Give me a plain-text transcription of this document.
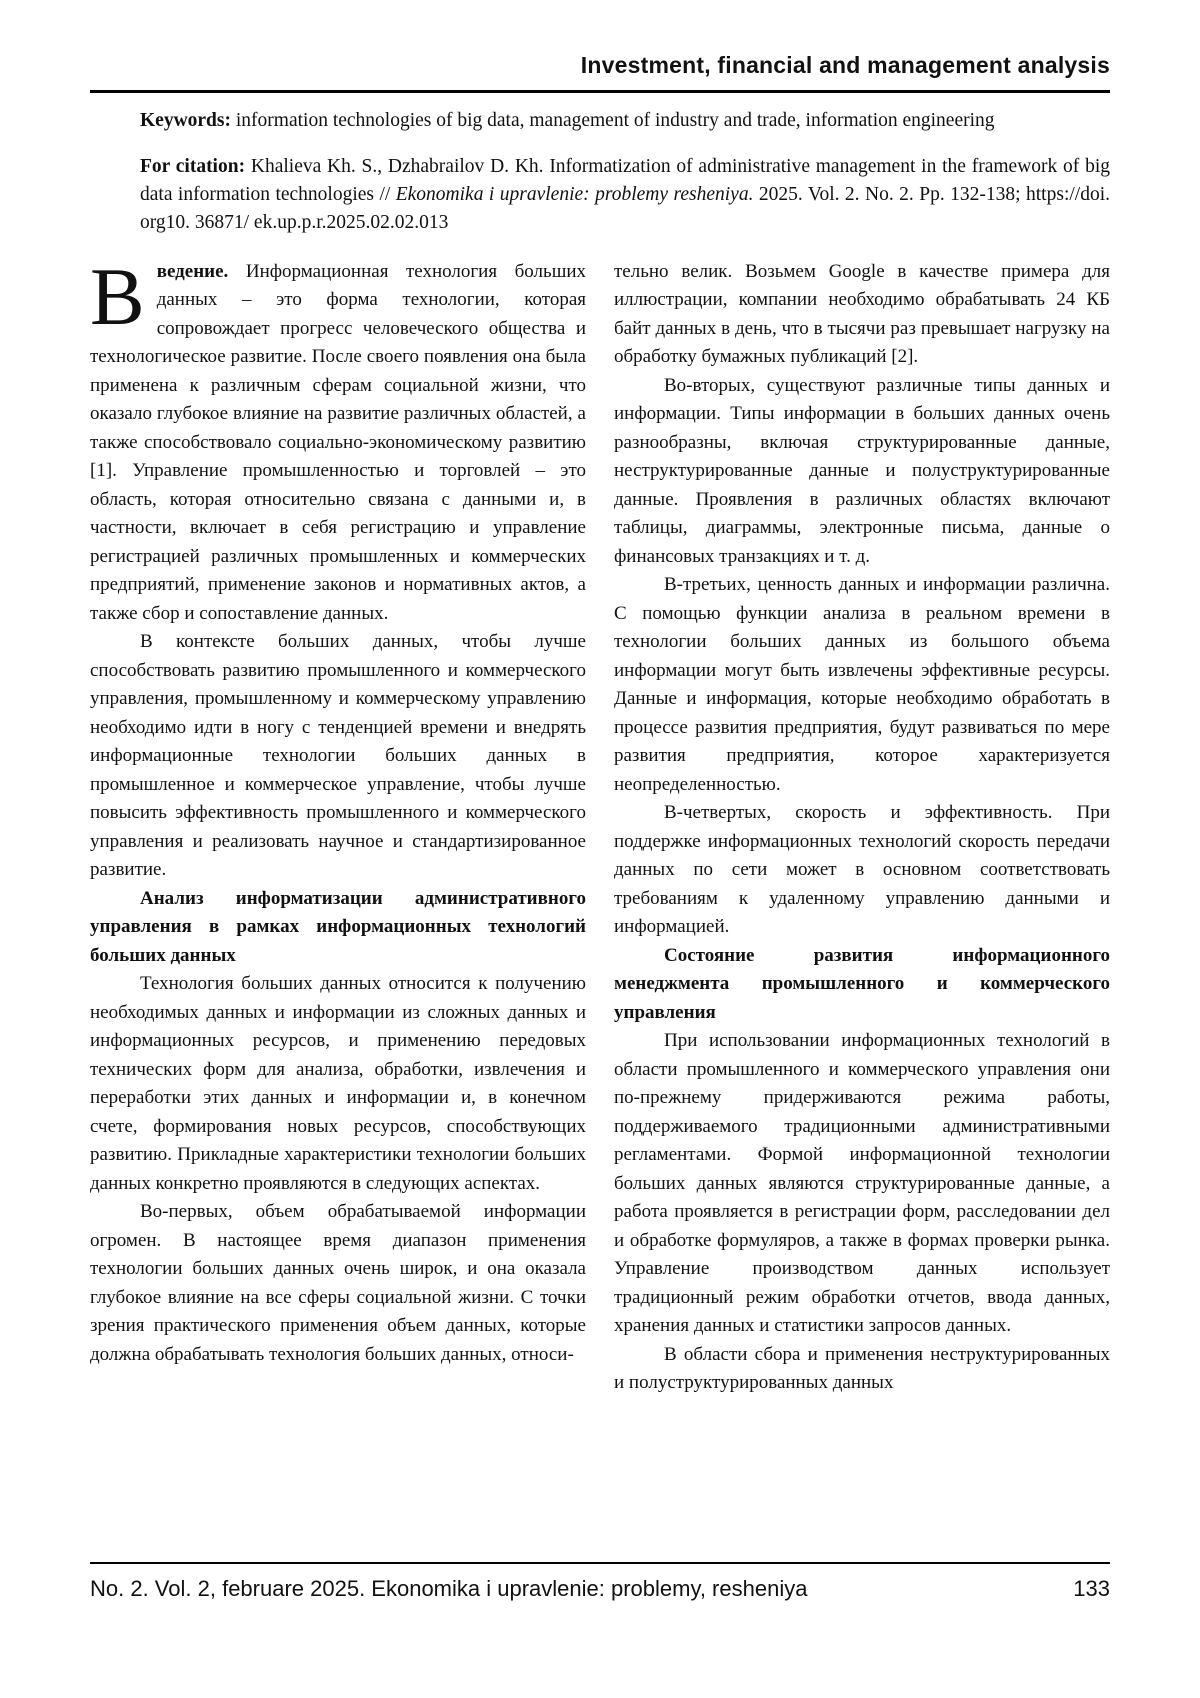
Investment, financial and management analysis

Keywords: information technologies of big data, management of industry and trade, information engineering

For citation: Khalieva Kh. S., Dzhabrailov D. Kh. Informatization of administrative management in the framework of big data information technologies // Ekonomika i upravlenie: problemy resheniya. 2025. Vol. 2. No. 2. Pp. 132-138; https://doi. org10. 36871/ ek.up.p.r.2025.02.02.013

Введение. Информационная технология больших данных – это форма технологии, которая сопровождает прогресс человеческого общества и технологическое развитие. После своего появления она была применена к различным сферам социальной жизни, что оказало глубокое влияние на развитие различных областей, а также способствовало социально-экономическому развитию [1]. Управление промышленностью и торговлей – это область, которая относительно связана с данными и, в частности, включает в себя регистрацию и управление регистрацией различных промышленных и коммерческих предприятий, применение законов и нормативных актов, а также сбор и сопоставление данных.

В контексте больших данных, чтобы лучше способствовать развитию промышленного и коммерческого управления, промышленному и коммерческому управлению необходимо идти в ногу с тенденцией времени и внедрять информационные технологии больших данных в промышленное и коммерческое управление, чтобы лучше повысить эффективность промышленного и коммерческого управления и реализовать научное и стандартизированное развитие.

Анализ информатизации административного управления в рамках информационных технологий больших данных

Технология больших данных относится к получению необходимых данных и информации из сложных данных и информационных ресурсов, и применению передовых технических форм для анализа, обработки, извлечения и переработки этих данных и информации и, в конечном счете, формирования новых ресурсов, способствующих развитию. Прикладные характеристики технологии больших данных конкретно проявляются в следующих аспектах.

Во-первых, объем обрабатываемой информации огромен. В настоящее время диапазон применения технологии больших данных очень широк, и она оказала глубокое влияние на все сферы социальной жизни. С точки зрения практического применения объем данных, которые должна обрабатывать технология больших данных, относи-

тельно велик. Возьмем Google в качестве примера для иллюстрации, компании необходимо обрабатывать 24 КБ байт данных в день, что в тысячи раз превышает нагрузку на обработку бумажных публикаций [2].

Во-вторых, существуют различные типы данных и информации. Типы информации в больших данных очень разнообразны, включая структурированные данные, неструктурированные данные и полуструктурированные данные. Проявления в различных областях включают таблицы, диаграммы, электронные письма, данные о финансовых транзакциях и т. д.

В-третьих, ценность данных и информации различна. С помощью функции анализа в реальном времени в технологии больших данных из большого объема информации могут быть извлечены эффективные ресурсы. Данные и информация, которые необходимо обработать в процессе развития предприятия, будут развиваться по мере развития предприятия, которое характеризуется неопределенностью.

В-четвертых, скорость и эффективность. При поддержке информационных технологий скорость передачи данных по сети может в основном соответствовать требованиям к удаленному управлению данными и информацией.

Состояние развития информационного менеджмента промышленного и коммерческого управления

При использовании информационных технологий в области промышленного и коммерческого управления они по-прежнему придерживаются режима работы, поддерживаемого традиционными административными регламентами. Формой информационной технологии больших данных являются структурированные данные, а работа проявляется в регистрации форм, расследовании дел и обработке формуляров, а также в формах проверки рынка. Управление производством данных использует традиционный режим обработки отчетов, ввода данных, хранения данных и статистики запросов данных.

В области сбора и применения неструктурированных и полуструктурированных данных

No. 2. Vol. 2, februare 2025. Ekonomika i upravlenie: problemy, resheniya	133
